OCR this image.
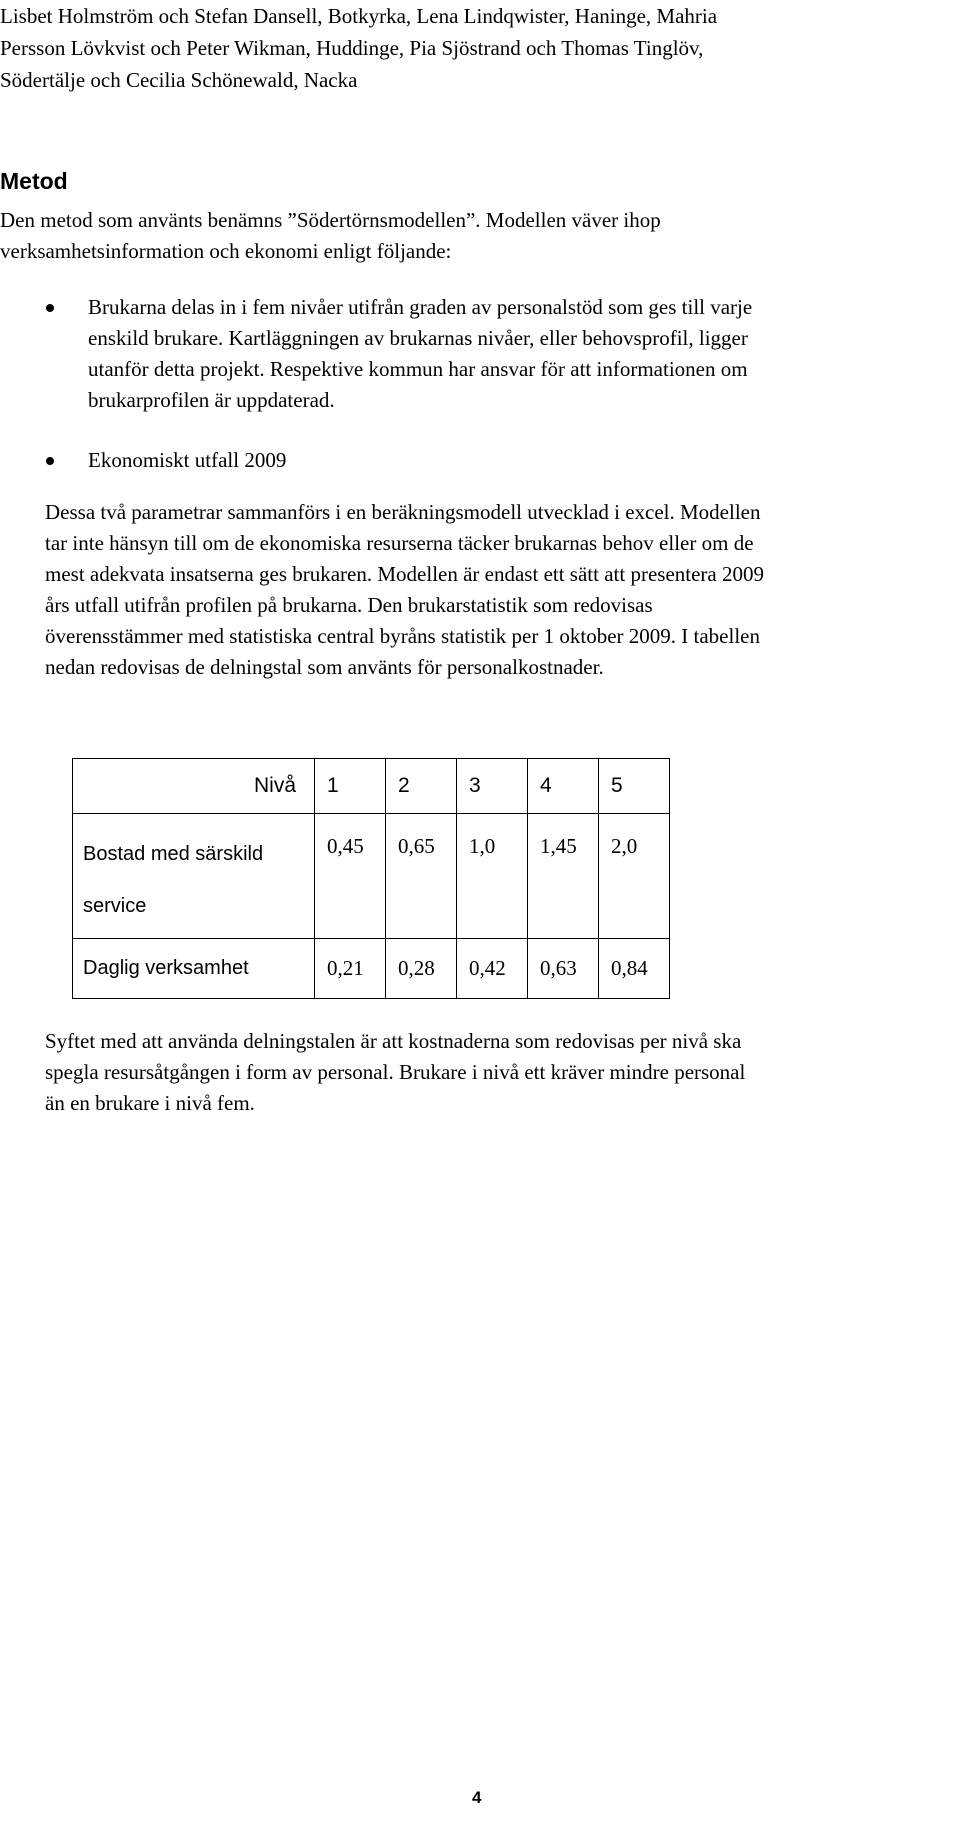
Lisbet Holmström och Stefan Dansell, Botkyrka, Lena Lindqwister, Haninge, Mahria
Persson Lövkvist och Peter Wikman, Huddinge, Pia Sjöstrand och Thomas Tinglöv,
Södertälje och Cecilia Schönewald, Nacka
Metod
Den metod som använts benämns ”Södertörnsmodellen”. Modellen väver ihop
verksamhetsinformation och ekonomi enligt följande:
Brukarna delas in i fem nivåer utifrån graden av personalstöd som ges till varje
enskild brukare. Kartläggningen av brukarnas nivåer, eller behovsprofil, ligger
utanför detta projekt. Respektive kommun har ansvar för att informationen om
brukarprofilen är uppdaterad.
Ekonomiskt utfall 2009
Dessa två parametrar sammanförs i en beräkningsmodell utvecklad i excel. Modellen
tar inte hänsyn till om de ekonomiska resurserna täcker brukarnas behov eller om de
mest adekvata insatserna ges brukaren. Modellen är endast ett sätt att presentera 2009
års utfall utifrån profilen på brukarna. Den brukarstatistik som redovisas
överensstämmer med statistiska central byråns statistik per 1 oktober 2009. I tabellen
nedan redovisas de delningstal som använts för personalkostnader.
Nivå	1	2	3	4	5

Bostad med särskild
service	0,45	0,65	1,0	1,45	2,0
Daglig verksamhet	0,21	0,28	0,42	0,63	0,84
Syftet med att använda delningstalen är att kostnaderna som redovisas per nivå ska
spegla resursåtgången i form av personal. Brukare i nivå ett kräver mindre personal
än en brukare i nivå fem.
4
